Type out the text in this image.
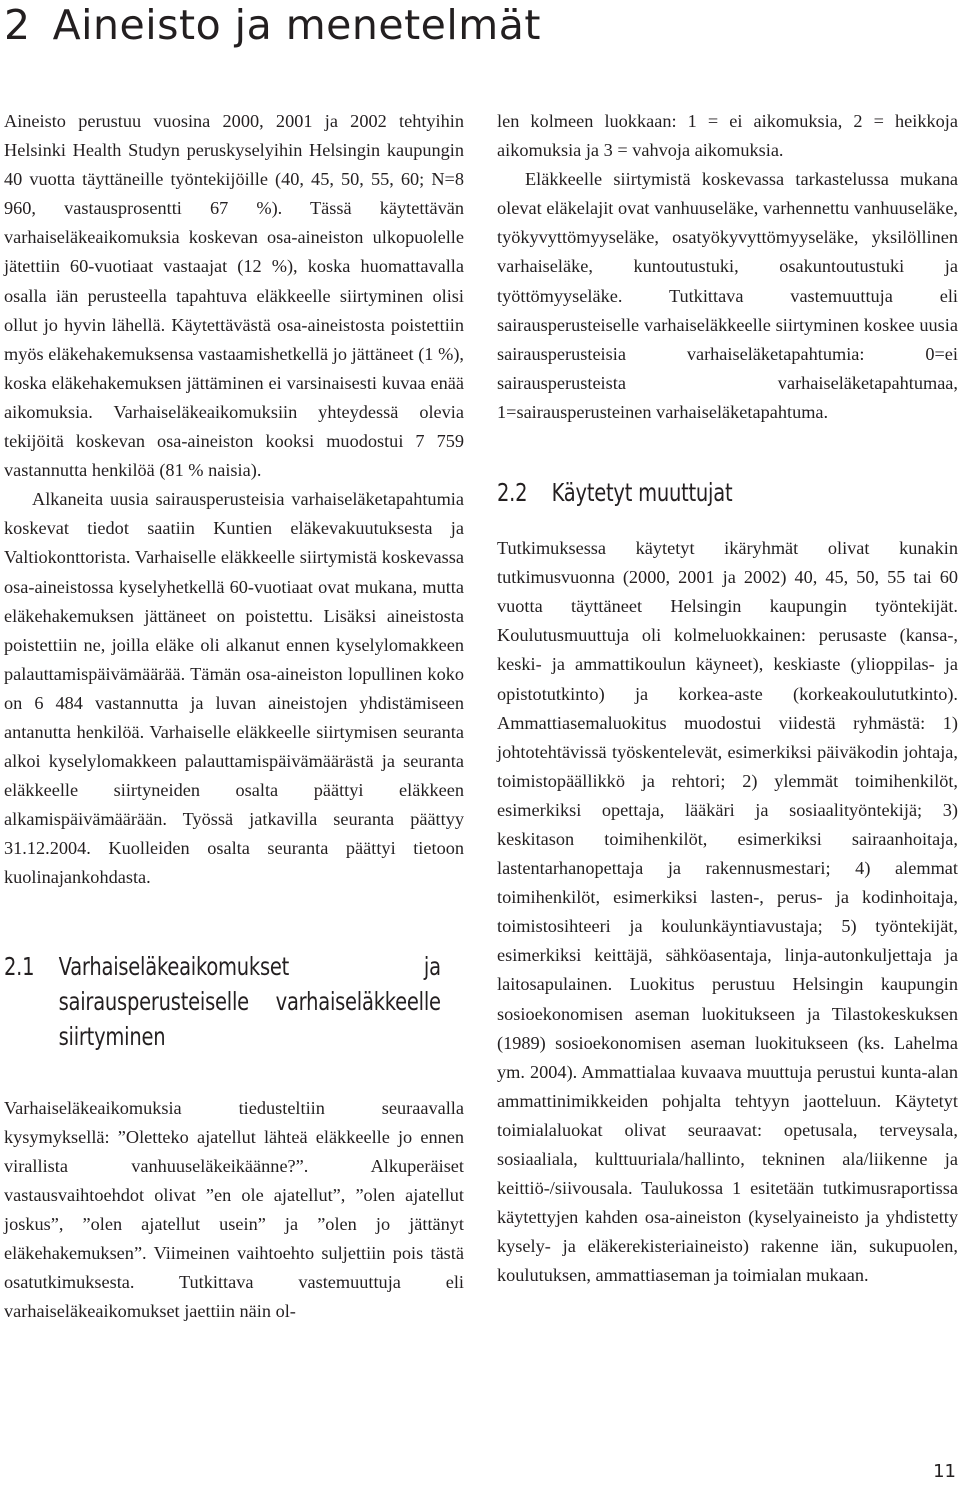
2 Aineisto ja menetelmät

Aineisto perustuu vuosina 2000, 2001 ja 2002 tehtyihin Helsinki Health Studyn peruskyselyihin Helsingin kaupungin 40 vuotta täyttäneille työntekijöille (40, 45, 50, 55, 60; N=8 960, vastausprosentti 67 %). Tässä käytettävän varhaiseläkeaikomuksia koskevan osa-aineiston ulkopuolelle jätettiin 60-vuotiaat vastaajat (12 %), koska huomattavalla osalla iän perusteella tapahtuva eläkkeelle siirtyminen olisi ollut jo hyvin lähellä. Käytettävästä osa-aineistosta poistettiin myös eläkehakemuksensa vastaamishetkellä jo jättäneet (1 %), koska eläkehakemuksen jättäminen ei varsinaisesti kuvaa enää aikomuksia. Varhaiseläkeaikomuksiin yhteydessä olevia tekijöitä koskevan osa-aineiston kooksi muodostui 7 759 vastannutta henkilöä (81 % naisia).

Alkaneita uusia sairausperusteisia varhaiseläketapahtumia koskevat tiedot saatiin Kuntien eläkevakuutuksesta ja Valtiokonttorista. Varhaiselle eläkkeelle siirtymistä koskevassa osa-aineistossa kyselyhetkellä 60-vuotiaat ovat mukana, mutta eläkehakemuksen jättäneet on poistettu. Lisäksi aineistosta poistettiin ne, joilla eläke oli alkanut ennen kyselylomakkeen palauttamispäivämäärää. Tämän osa-aineiston lopullinen koko on 6 484 vastannutta ja luvan aineistojen yhdistämiseen antanutta henkilöä. Varhaiselle eläkkeelle siirtymisen seuranta alkoi kyselylomakkeen palauttamispäivämäärästä ja seuranta eläkkeelle siirtyneiden osalta päättyi eläkkeen alkamispäivämäärään. Työssä jatkavilla seuranta päättyy 31.12.2004. Kuolleiden osalta seuranta päättyi tietoon kuolinajankohdasta.

2.1 Varhaiseläkeaikomukset ja sairausperusteiselle varhaiseläkkeelle siirtyminen

Varhaiseläkeaikomuksia tiedusteltiin seuraavalla kysymyksellä: ”Oletteko ajatellut lähteä eläkkeelle jo ennen virallista vanhuuseläkeikäänne?”. Alkuperäiset vastausvaihtoehdot olivat ”en ole ajatellut”, ”olen ajatellut joskus”, ”olen ajatellut usein” ja ”olen jo jättänyt eläkehakemuksen”. Viimeinen vaihtoehto suljettiin pois tästä osatutkimuksesta. Tutkittava vastemuuttuja eli varhaiseläkeaikomukset jaettiin näin ol-

len kolmeen luokkaan: 1 = ei aikomuksia, 2 = heikkoja aikomuksia ja 3 = vahvoja aikomuksia.

Eläkkeelle siirtymistä koskevassa tarkastelussa mukana olevat eläkelajit ovat vanhuuseläke, varhennettu vanhuuseläke, työkyvyttömyyseläke, osatyökyvyttömyyseläke, yksilöllinen varhaiseläke, kuntoutustuki, osakuntoutustuki ja työttömyyseläke. Tutkittava vastemuuttuja eli sairausperusteiselle varhaiseläkkeelle siirtyminen koskee uusia sairausperusteisia varhaiseläketapahtumia: 0=ei sairausperusteista varhaiseläketapahtumaa, 1=sairausperusteinen varhaiseläketapahtuma.

2.2 Käytetyt muuttujat

Tutkimuksessa käytetyt ikäryhmät olivat kunakin tutkimusvuonna (2000, 2001 ja 2002) 40, 45, 50, 55 tai 60 vuotta täyttäneet Helsingin kaupungin työntekijät. Koulutusmuuttuja oli kolmeluokkainen: perusaste (kansa-, keski- ja ammattikoulun käyneet), keskiaste (ylioppilas- ja opistotutkinto) ja korkea-aste (korkeakoulututkinto). Ammattiasemaluokitus muodostui viidestä ryhmästä: 1) johtotehtävissä työskentelevät, esimerkiksi päiväkodin johtaja, toimistopäällikkö ja rehtori; 2) ylemmät toimihenkilöt, esimerkiksi opettaja, lääkäri ja sosiaalityöntekijä; 3) keskitason toimihenkilöt, esimerkiksi sairaanhoitaja, lastentarhanopettaja ja rakennusmestari; 4) alemmat toimihenkilöt, esimerkiksi lasten-, perus- ja kodinhoitaja, toimistosihteeri ja koulunkäyntiavustaja; 5) työntekijät, esimerkiksi keittäjä, sähköasentaja, linja-autonkuljettaja ja laitosapulainen. Luokitus perustuu Helsingin kaupungin sosioekonomisen aseman luokitukseen ja Tilastokeskuksen (1989) sosioekonomisen aseman luokitukseen (ks. Lahelma ym. 2004). Ammattialaa kuvaava muuttuja perustui kunta-alan ammattinimikkeiden pohjalta tehtyyn jaotteluun. Käytetyt toimialaluokat olivat seuraavat: opetusala, terveysala, sosiaaliala, kulttuuriala/hallinto, tekninen ala/liikenne ja keittiö-/siivousala. Taulukossa 1 esitetään tutkimusraportissa käytettyjen kahden osa-aineiston (kyselyaineisto ja yhdistetty kysely- ja eläkerekisteriaineisto) rakenne iän, sukupuolen, koulutuksen, ammattiaseman ja toimialan mukaan.

11
